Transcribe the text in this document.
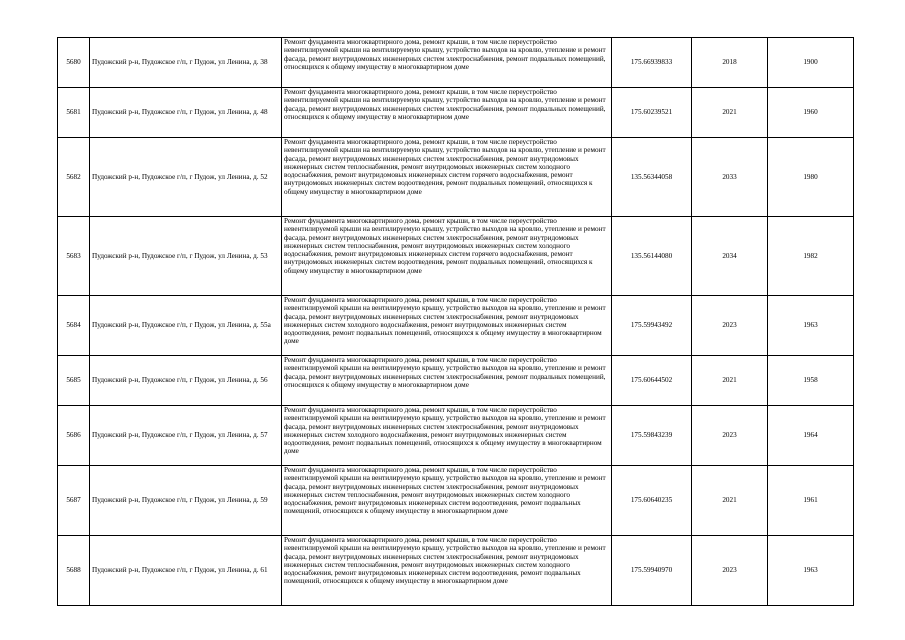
5680	Пудожский р-н, Пудожское г/п, г Пудож, ул Ленина, д. 38	Ремонт фундамента многоквартирного дома, ремонт крыши, в том числе переустройство невентилируемой крыши на вентилируемую крышу, устройство выходов на кровлю, утепление и ремонт фасада, ремонт внутридомовых инженерных систем электроснабжения, ремонт подвальных помещений, относящихся к общему имуществу в многоквартирном доме	175.66939833	2018	1900
5681	Пудожский р-н, Пудожское г/п, г Пудож, ул Ленина, д. 48	Ремонт фундамента многоквартирного дома, ремонт крыши, в том числе переустройство невентилируемой крыши на вентилируемую крышу, устройство выходов на кровлю, утепление и ремонт фасада, ремонт внутридомовых инженерных систем электроснабжения, ремонт подвальных помещений, относящихся к общему имуществу в многоквартирном доме	175.60239521	2021	1960
5682	Пудожский р-н, Пудожское г/п, г Пудож, ул Ленина, д. 52	Ремонт фундамента многоквартирного дома, ремонт крыши, в том числе переустройство невентилируемой крыши на вентилируемую крышу, устройство выходов на кровлю, утепление и ремонт фасада, ремонт внутридомовых инженерных систем электроснабжения, ремонт внутридомовых инженерных систем теплоснабжения, ремонт внутридомовых инженерных систем холодного водоснабжения, ремонт внутридомовых инженерных систем горячего водоснабжения, ремонт внутридомовых инженерных систем водоотведения, ремонт подвальных помещений, относящихся к общему имуществу в многоквартирном доме	135.56344058	2033	1980
5683	Пудожский р-н, Пудожское г/п, г Пудож, ул Ленина, д. 53	Ремонт фундамента многоквартирного дома, ремонт крыши, в том числе переустройство невентилируемой крыши на вентилируемую крышу, устройство выходов на кровлю, утепление и ремонт фасада, ремонт внутридомовых инженерных систем электроснабжения, ремонт внутридомовых инженерных систем теплоснабжения, ремонт внутридомовых инженерных систем холодного водоснабжения, ремонт внутридомовых инженерных систем горячего водоснабжения, ремонт внутридомовых инженерных систем водоотведения, ремонт подвальных помещений, относящихся к общему имуществу в многоквартирном доме	135.56144080	2034	1982
5684	Пудожский р-н, Пудожское г/п, г Пудож, ул Ленина, д. 55а	Ремонт фундамента многоквартирного дома, ремонт крыши, в том числе переустройство невентилируемой крыши на вентилируемую крышу, устройство выходов на кровлю, утепление и ремонт фасада, ремонт внутридомовых инженерных систем электроснабжения, ремонт внутридомовых инженерных систем холодного водоснабжения, ремонт внутридомовых инженерных систем водоотведения, ремонт подвальных помещений, относящихся к общему имуществу в многоквартирном доме	175.59943492	2023	1963
5685	Пудожский р-н, Пудожское г/п, г Пудож, ул Ленина, д. 56	Ремонт фундамента многоквартирного дома, ремонт крыши, в том числе переустройство невентилируемой крыши на вентилируемую крышу, устройство выходов на кровлю, утепление и ремонт фасада, ремонт внутридомовых инженерных систем электроснабжения, ремонт подвальных помещений, относящихся к общему имуществу в многоквартирном доме	175.60644502	2021	1958
5686	Пудожский р-н, Пудожское г/п, г Пудож, ул Ленина, д. 57	Ремонт фундамента многоквартирного дома, ремонт крыши, в том числе переустройство невентилируемой крыши на вентилируемую крышу, устройство выходов на кровлю, утепление и ремонт фасада, ремонт внутридомовых инженерных систем электроснабжения, ремонт внутридомовых инженерных систем холодного водоснабжения, ремонт внутридомовых инженерных систем водоотведения, ремонт подвальных помещений, относящихся к общему имуществу в многоквартирном доме	175.59843239	2023	1964
5687	Пудожский р-н, Пудожское г/п, г Пудож, ул Ленина, д. 59	Ремонт фундамента многоквартирного дома, ремонт крыши, в том числе переустройство невентилируемой крыши на вентилируемую крышу, устройство выходов на кровлю, утепление и ремонт фасада, ремонт внутридомовых инженерных систем электроснабжения, ремонт внутридомовых инженерных систем теплоснабжения, ремонт внутридомовых инженерных систем холодного водоснабжения, ремонт внутридомовых инженерных систем водоотведения, ремонт подвальных помещений, относящихся к общему имуществу в многоквартирном доме	175.60640235	2021	1961
5688	Пудожский р-н, Пудожское г/п, г Пудож, ул Ленина, д. 61	Ремонт фундамента многоквартирного дома, ремонт крыши, в том числе переустройство невентилируемой крыши на вентилируемую крышу, устройство выходов на кровлю, утепление и ремонт фасада, ремонт внутридомовых инженерных систем электроснабжения, ремонт внутридомовых инженерных систем теплоснабжения, ремонт внутридомовых инженерных систем холодного водоснабжения, ремонт внутридомовых инженерных систем водоотведения, ремонт подвальных помещений, относящихся к общему имуществу в многоквартирном доме	175.59940970	2023	1963
